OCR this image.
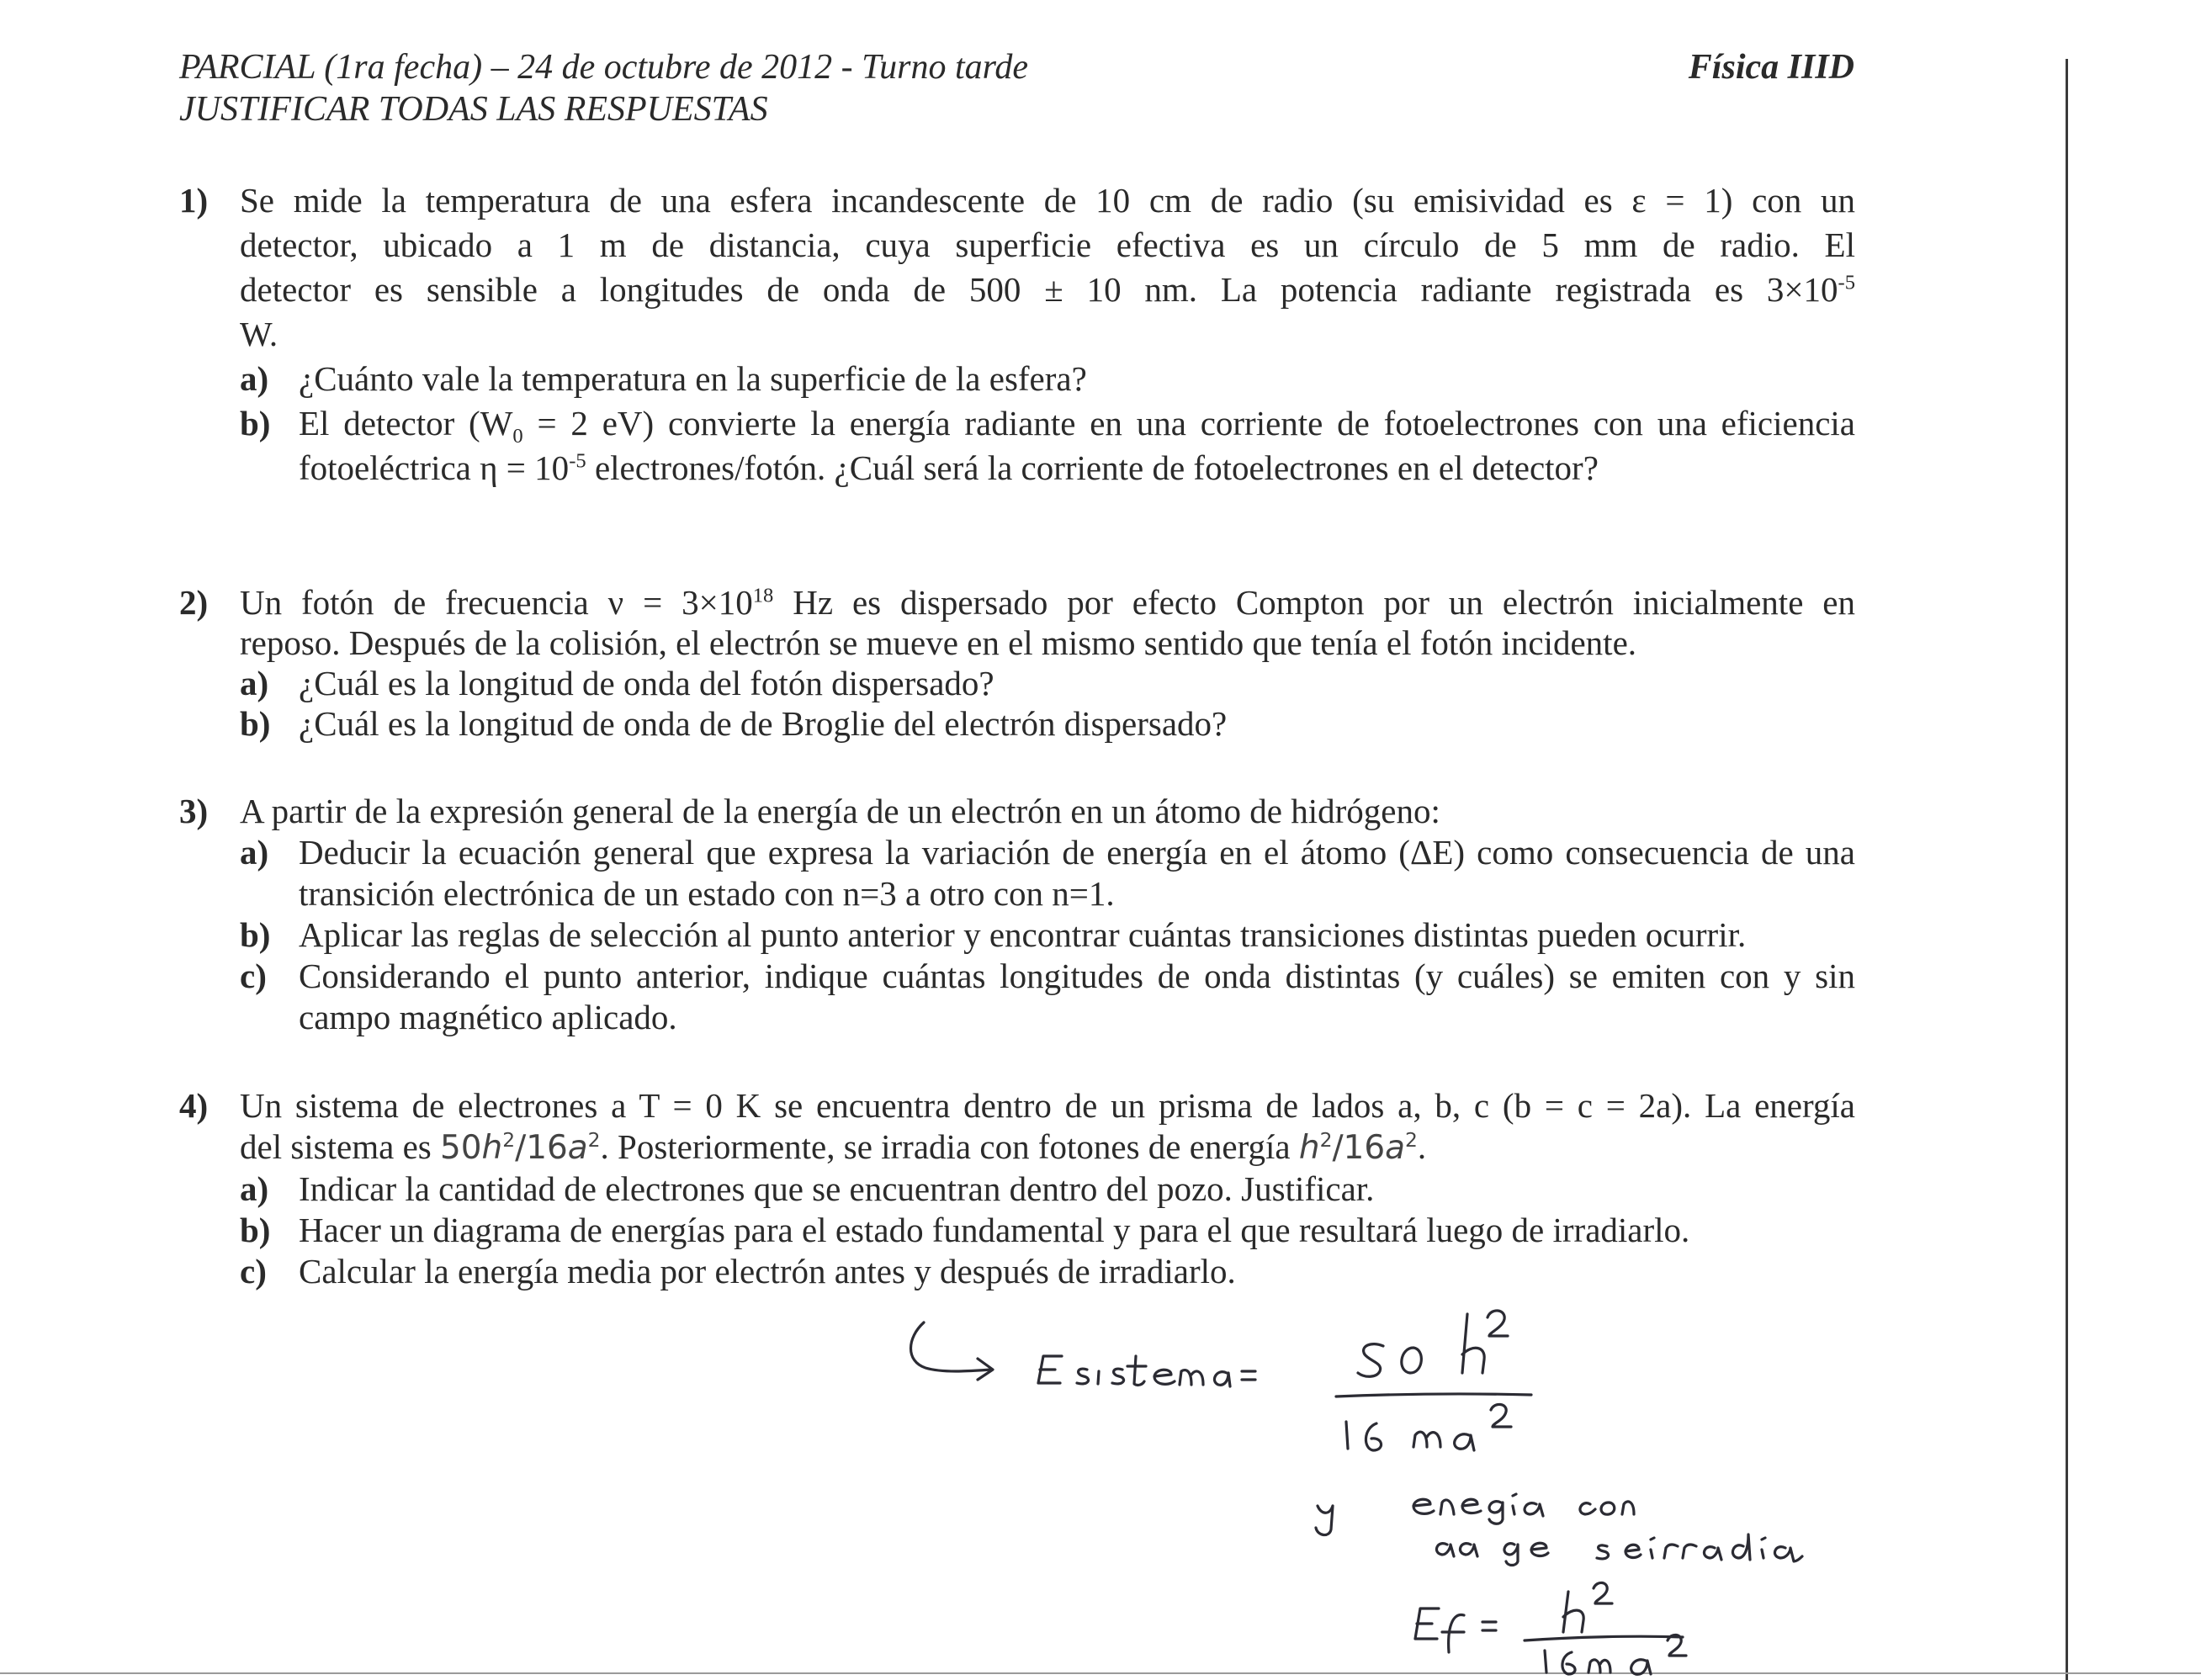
PARCIAL (1ra fecha) – 24 de octubre de 2012 - Turno tarde
JUSTIFICAR TODAS LAS RESPUESTAS
Física IIID
1) Se mide la temperatura de una esfera incandescente de 10 cm de radio (su emisividad es ε = 1) con un
detector, ubicado a 1 m de distancia, cuya superficie efectiva es un círculo de 5 mm de radio. El
detector es sensible a longitudes de onda de 500 ± 10 nm. La potencia radiante registrada es $3\times 10^{-5}$
W.
a) ¿Cuánto vale la temperatura en la superficie de la esfera?
b) El detector ($W_0 = 2$ eV) convierte la energía radiante en una corriente de fotoelectrones con una eficiencia fotoeléctrica $\eta = 10^{-5}$ electrones/fotón. ¿Cuál será la corriente de fotoelectrones en el detector?
2) Un fotón de frecuencia $\nu = 3\times 10^{18}$ Hz es dispersado por efecto Compton por un electrón inicialmente en
reposo. Después de la colisión, el electrón se mueve en el mismo sentido que tenía el fotón incidente.
a) ¿Cuál es la longitud de onda del fotón dispersado?
b) ¿Cuál es la longitud de onda de de Broglie del electrón dispersado?
3) A partir de la expresión general de la energía de un electrón en un átomo de hidrógeno:
a) Deducir la ecuación general que expresa la variación de energía en el átomo (ΔE) como consecuencia de una transición electrónica de un estado con n=3 a otro con n=1.
b) Aplicar las reglas de selección al punto anterior y encontrar cuántas transiciones distintas pueden ocurrir.
c) Considerando el punto anterior, indique cuántas longitudes de onda distintas (y cuáles) se emiten con y sin campo magnético aplicado.
4) Un sistema de electrones a T = 0 K se encuentra dentro de un prisma de lados a, b, c (b = c = 2a). La energía
del sistema es $50h^2/16a^2$. Posteriormente, se irradia con fotones de energía $h^2/16a^2$.
a) Indicar la cantidad de electrones que se encuentran dentro del pozo. Justificar.
b) Hacer un diagrama de energías para el estado fundamental y para el que resultará luego de irradiarlo.
c) Calcular la energía media por electrón antes y después de irradiarlo.
